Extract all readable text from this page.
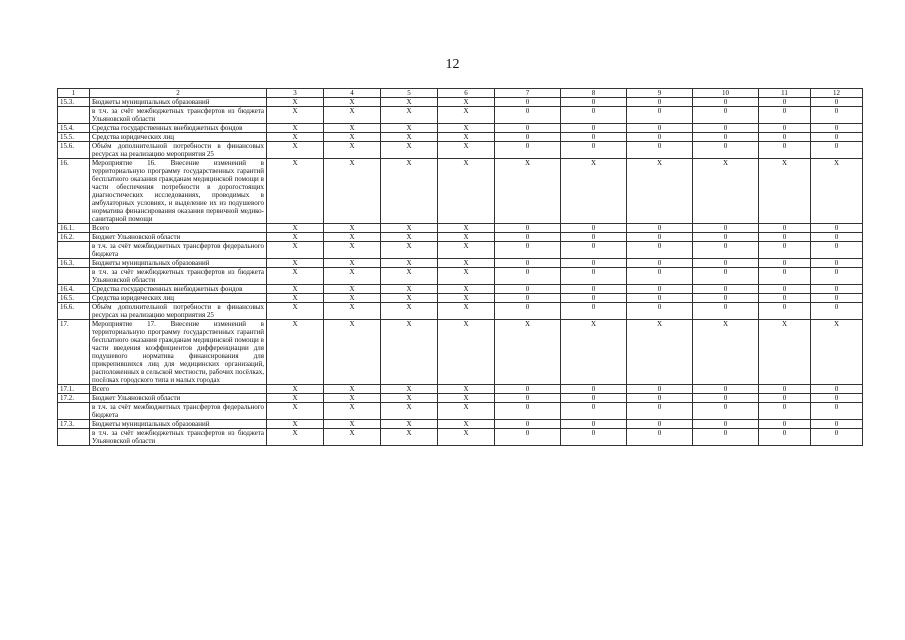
12
1	2	3	4	5	6	7	8	9	10	11	12
15.3.	Бюджеты муниципальных образований	X	X	X	X	0	0	0	0	0	0
	в т.ч. за счёт межбюджетных трансфертов из бюджета Ульяновской области	X	X	X	X	0	0	0	0	0	0
15.4.	Средства государственных внебюджетных фондов	X	X	X	X	0	0	0	0	0	0
15.5.	Средства юридических лиц	X	X	X	X	0	0	0	0	0	0
15.6.	Объём дополнительной потребности в финансовых ресурсах на реализацию мероприятия 25	X	X	X	X	0	0	0	0	0	0
16.	Мероприятие 16. Внесение изменений в территориальную программу государственных гарантий бесплатного оказания гражданам медицинской помощи в части обеспечения потребности в дорогостоящих диагностических исследованиях, проводимых в амбулаторных условиях, и выделение их из подушевого норматива финансирования оказания первичной медико-санитарной помощи	X	X	X	X	X	X	X	X	X	X
16.1.	Всего	X	X	X	X	0	0	0	0	0	0
16.2.	Бюджет Ульяновской области	X	X	X	X	0	0	0	0	0	0
	в т.ч. за счёт межбюджетных трансфертов федерального бюджета	X	X	X	X	0	0	0	0	0	0
16.3.	Бюджеты муниципальных образований	X	X	X	X	0	0	0	0	0	0
	в т.ч. за счёт межбюджетных трансфертов из бюджета Ульяновской области	X	X	X	X	0	0	0	0	0	0
16.4.	Средства государственных внебюджетных фондов	X	X	X	X	0	0	0	0	0	0
16.5.	Средства юридических лиц	X	X	X	X	0	0	0	0	0	0
16.6.	Объём дополнительной потребности в финансовых ресурсах на реализацию мероприятия 25	X	X	X	X	0	0	0	0	0	0
17.	Мероприятие 17. Внесение изменений в территориальную программу государственных гарантий бесплатного оказания гражданам медицинской помощи в части введения коэффициентов дифференциации для подушевого норматива финансирования для прикрепившихся лиц для медицинских организаций, расположенных в сельской местности, рабочих посёлках, посёлках городского типа и малых городах	X	X	X	X	X	X	X	X	X	X
17.1.	Всего	X	X	X	X	0	0	0	0	0	0
17.2.	Бюджет Ульяновской области	X	X	X	X	0	0	0	0	0	0
	в т.ч. за счёт межбюджетных трансфертов федерального бюджета	X	X	X	X	0	0	0	0	0	0
17.3.	Бюджеты муниципальных образований	X	X	X	X	0	0	0	0	0	0
	в т.ч. за счёт межбюджетных трансфертов из бюджета Ульяновской области	X	X	X	X	0	0	0	0	0	0
